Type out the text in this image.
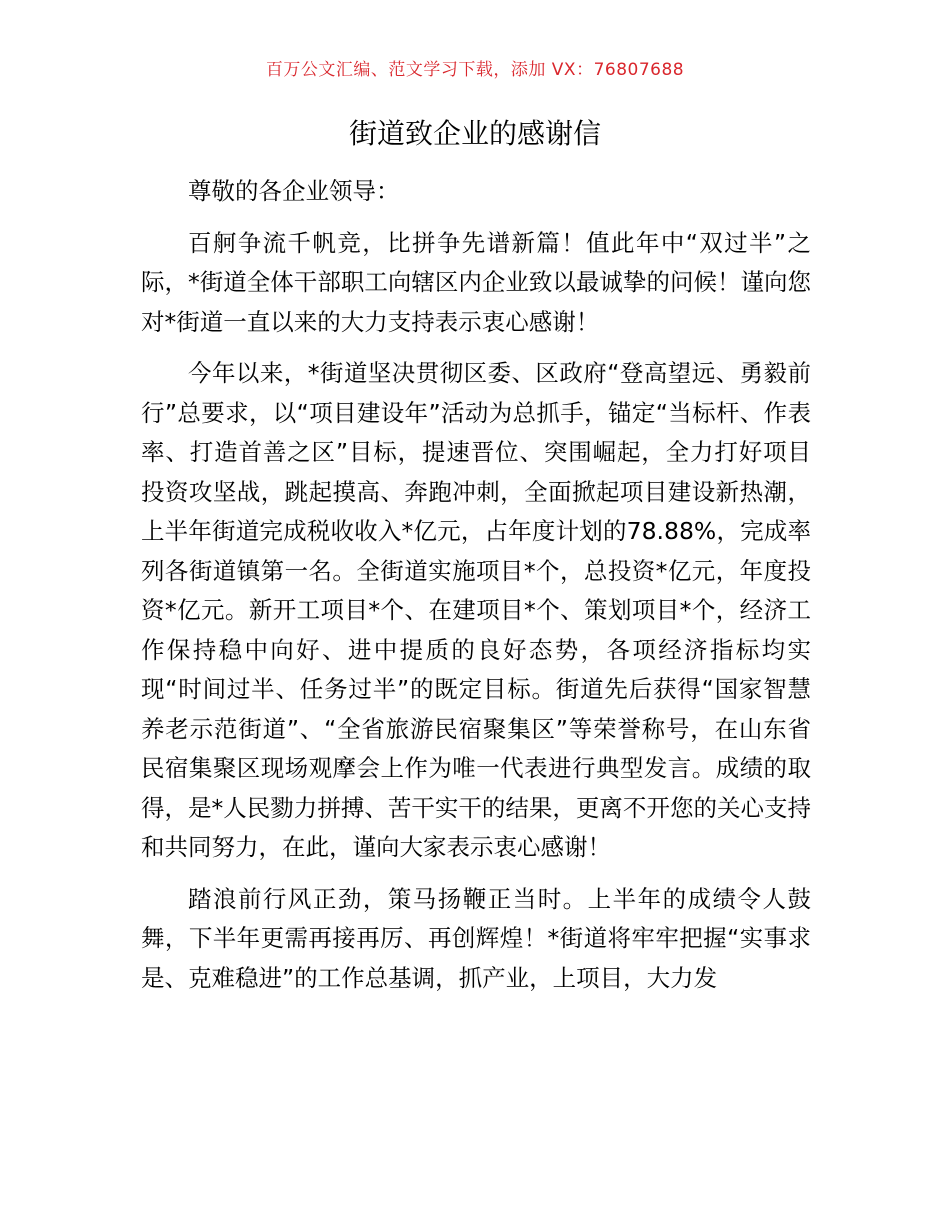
百万公文汇编、范文学习下载，添加 VX：76807688
街道致企业的感谢信

尊敬的各企业领导：

百舸争流千帆竞，比拼争先谱新篇！值此年中“双过半”之际，*街道全体干部职工向辖区内企业致以最诚挚的问候！谨向您对*街道一直以来的大力支持表示衷心感谢！

今年以来，*街道坚决贯彻区委、区政府“登高望远、勇毅前行”总要求，以“项目建设年”活动为总抓手，锚定“当标杆、作表率、打造首善之区”目标，提速晋位、突围崛起，全力打好项目投资攻坚战，跳起摸高、奔跑冲刺，全面掀起项目建设新热潮，上半年街道完成税收收入*亿元，占年度计划的78.88%，完成率列各街道镇第一名。全街道实施项目*个，总投资*亿元，年度投资*亿元。新开工项目*个、在建项目*个、策划项目*个，经济工作保持稳中向好、进中提质的良好态势，各项经济指标均实现“时间过半、任务过半”的既定目标。街道先后获得“国家智慧养老示范街道”、“全省旅游民宿聚集区”等荣誉称号，在山东省民宿集聚区现场观摩会上作为唯一代表进行典型发言。成绩的取得，是*人民勠力拼搏、苦干实干的结果，更离不开您的关心支持和共同努力，在此，谨向大家表示衷心感谢！

踏浪前行风正劲，策马扬鞭正当时。上半年的成绩令人鼓舞，下半年更需再接再厉、再创辉煌！*街道将牢牢把握“实事求是、克难稳进”的工作总基调，抓产业，上项目，大力发
